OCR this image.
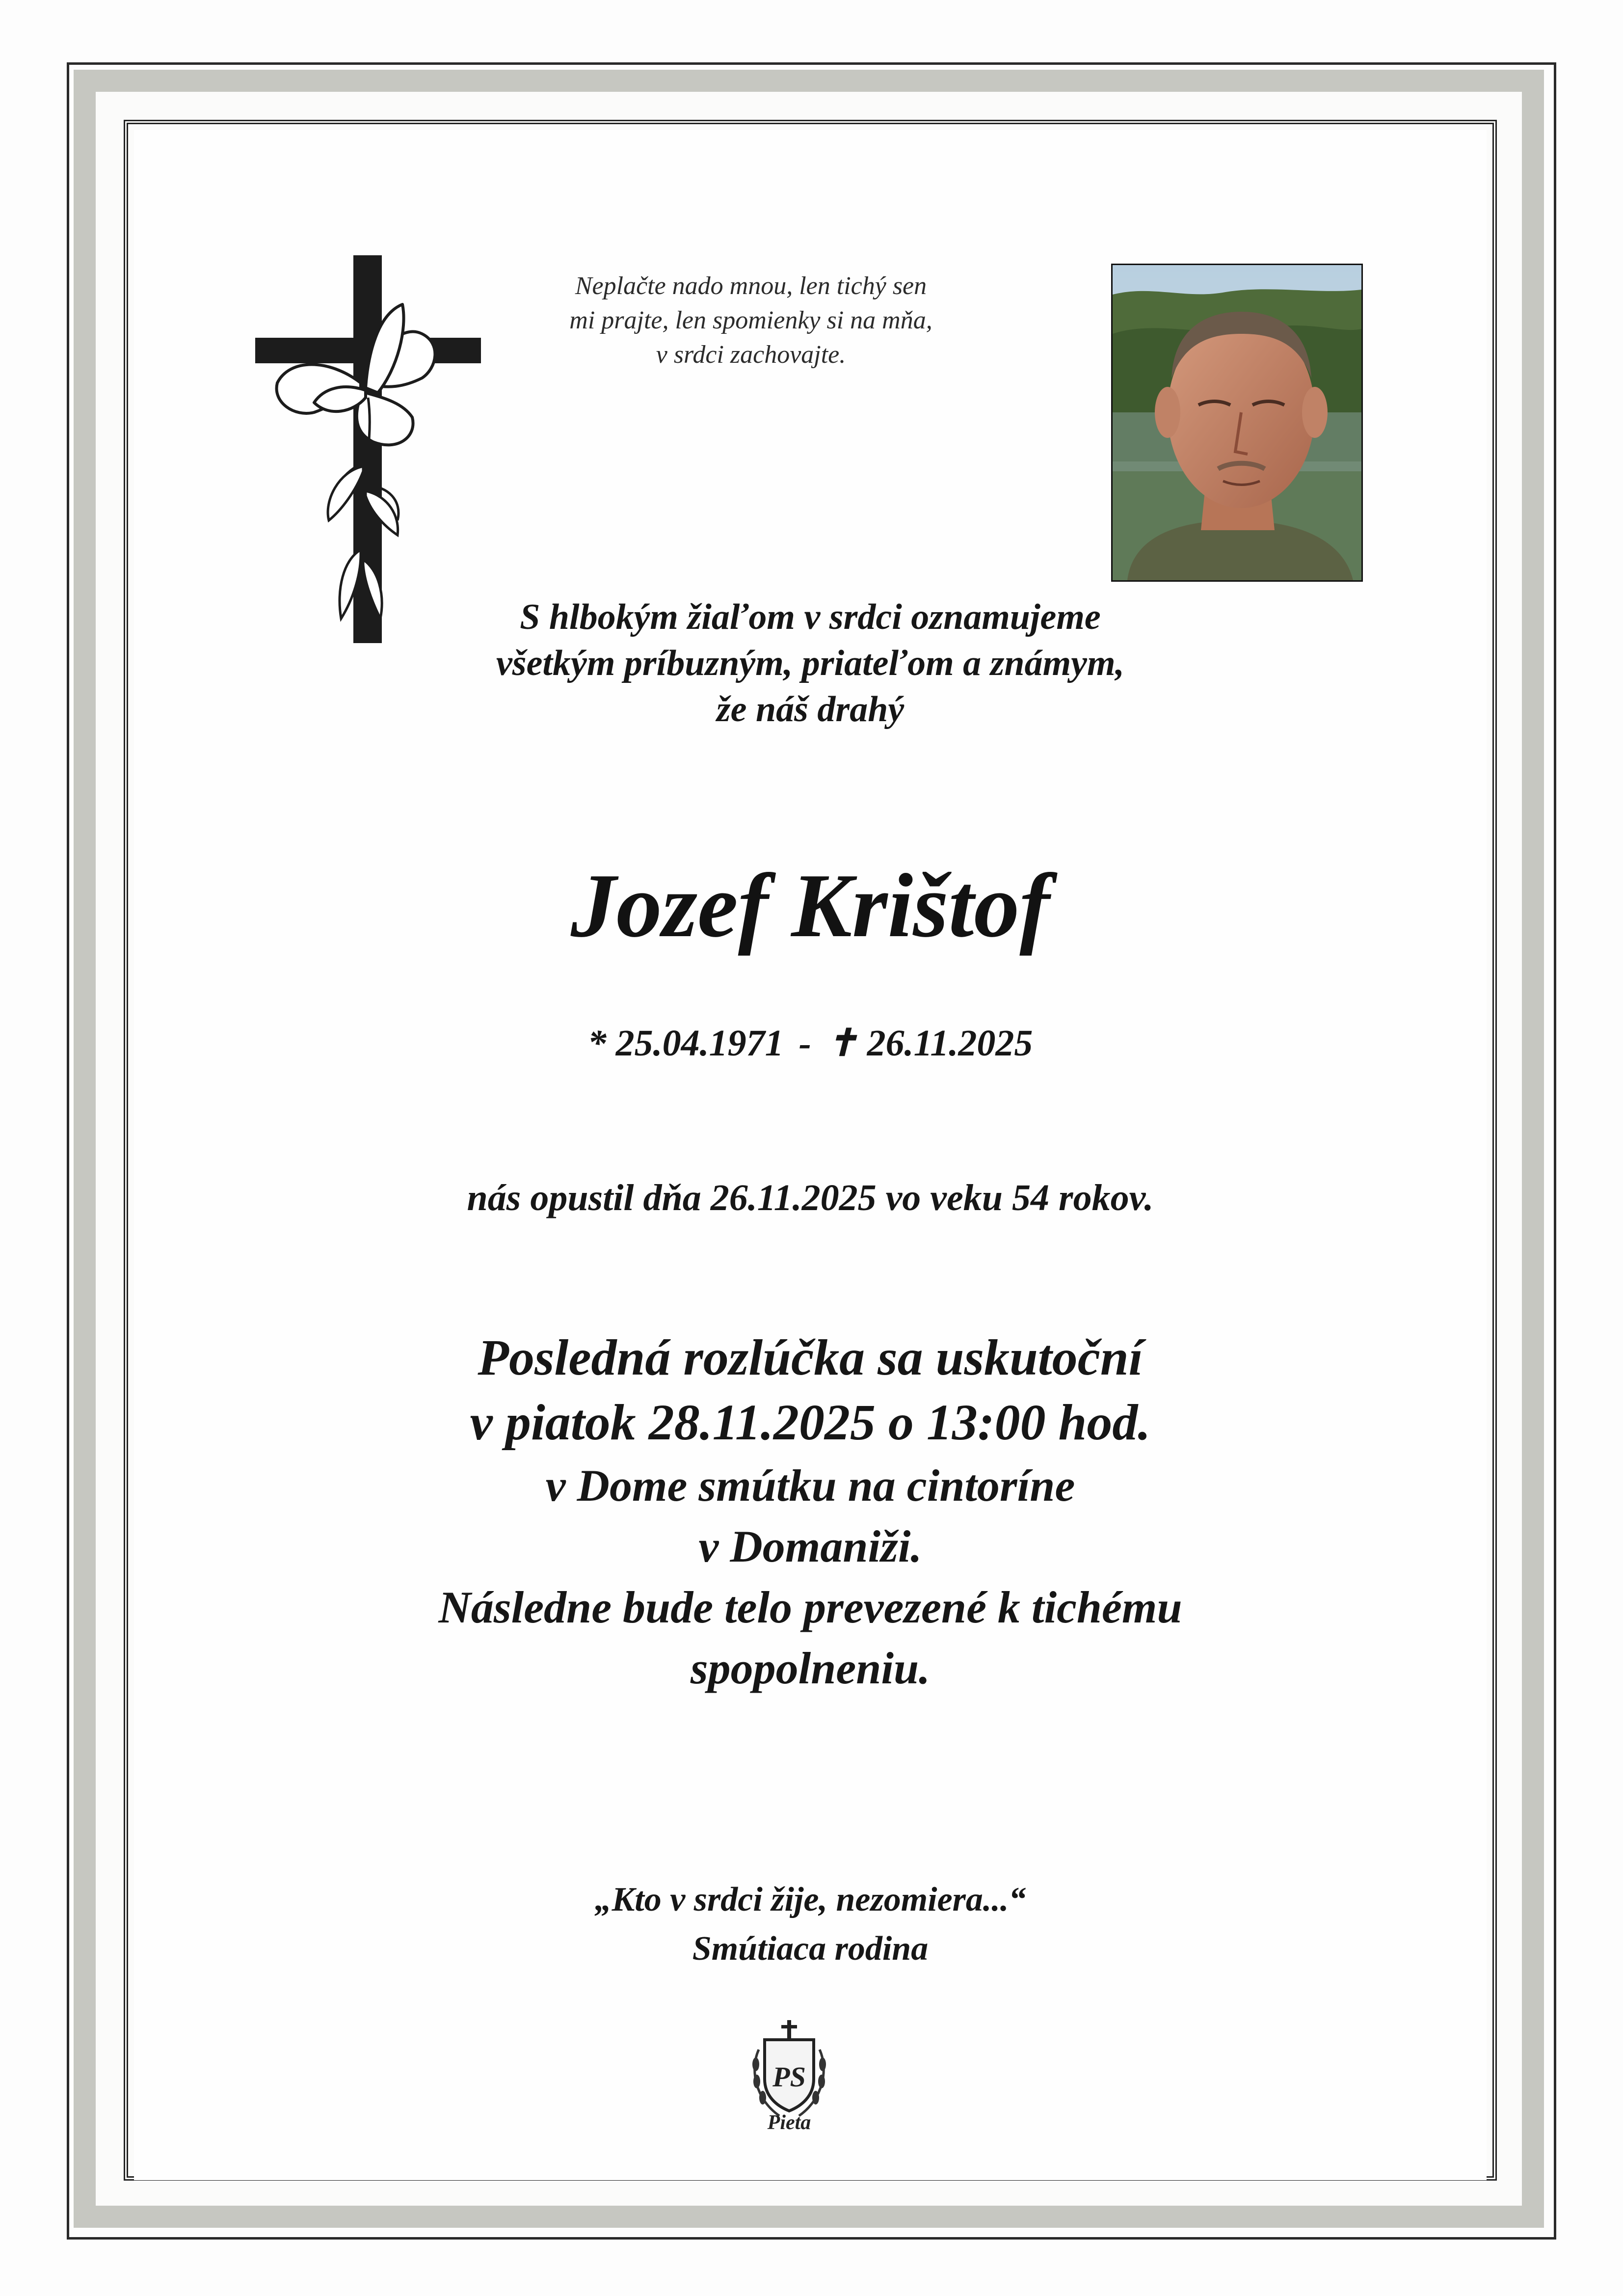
Neplačte nado mnou, len tichý sen
mi prajte, len spomienky si na mňa,
v srdci zachovajte.
S hlbokým žiaľom v srdci oznamujeme
všetkým príbuzným, priateľom a známym,
že náš drahý
Jozef Krištof
* 25.04.1971 - ✝ 26.11.2025
nás opustil dňa 26.11.2025 vo veku 54 rokov.
Posledná rozlúčka sa uskutoční
v piatok 28.11.2025 o 13:00 hod.
v Dome smútku na cintoríne
v Domaniži.
Následne bude telo prevezené k tichému
spopolneniu.
„Kto v srdci žije, nezomiera...“
Smútiaca rodina
PS
Pieta
